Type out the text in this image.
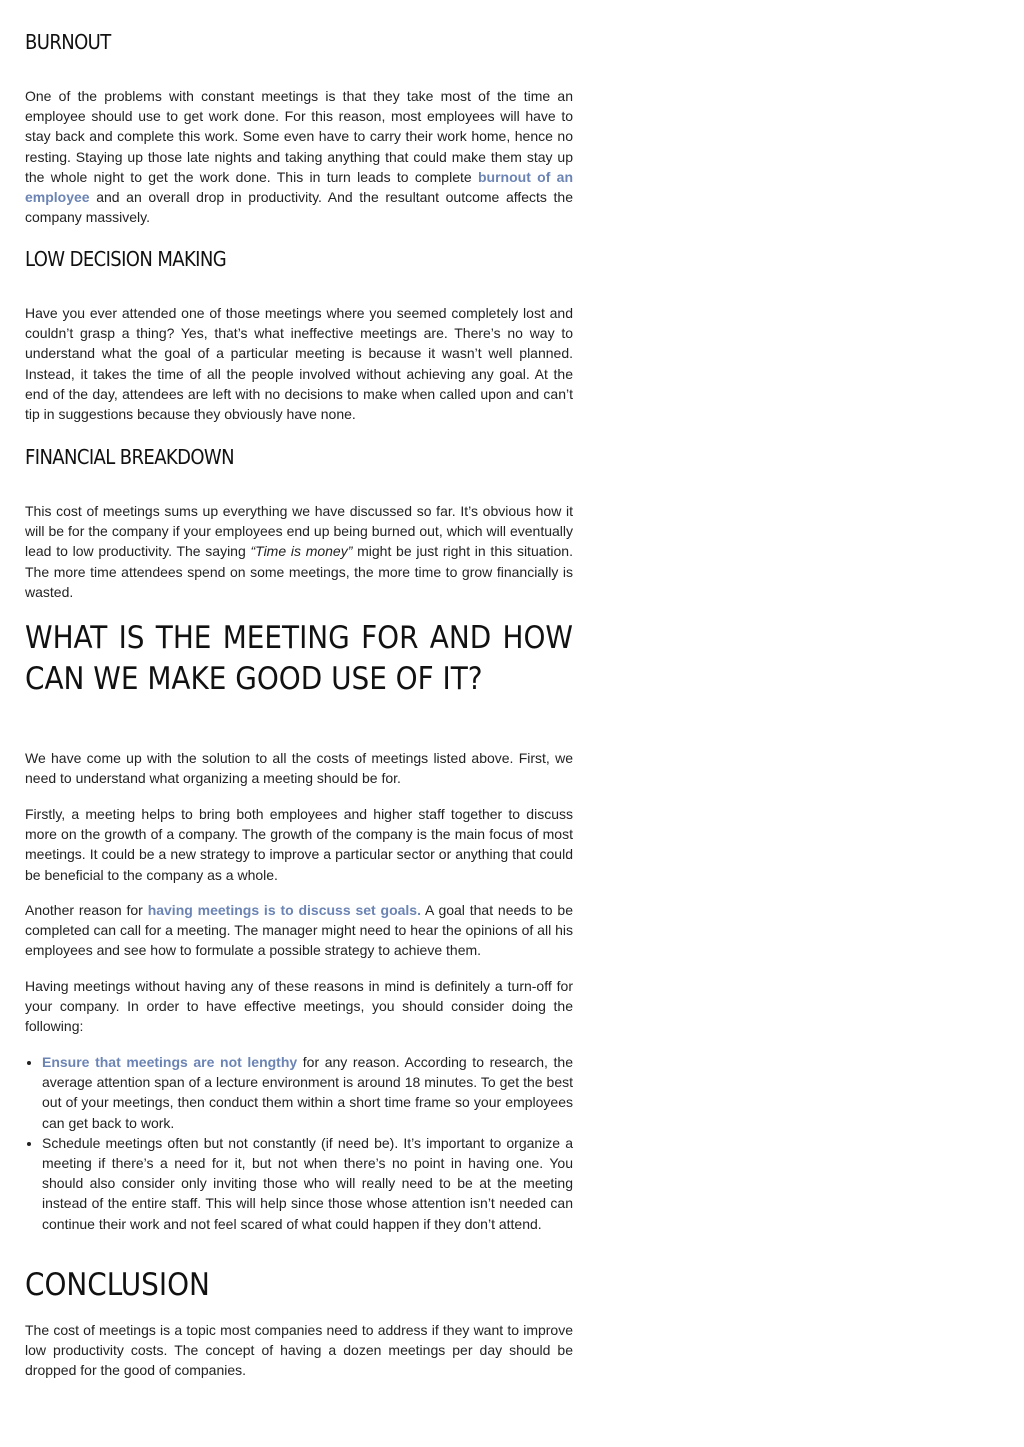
BURNOUT

One of the problems with constant meetings is that they take most of the time an employee should use to get work done. For this reason, most employees will have to stay back and complete this work. Some even have to carry their work home, hence no resting. Staying up those late nights and taking anything that could make them stay up the whole night to get the work done. This in turn leads to complete burnout of an employee and an overall drop in productivity. And the resultant outcome affects the company massively.

LOW DECISION MAKING

Have you ever attended one of those meetings where you seemed completely lost and couldn’t grasp a thing? Yes, that’s what ineffective meetings are. There’s no way to understand what the goal of a particular meeting is because it wasn’t well planned. Instead, it takes the time of all the people involved without achieving any goal. At the end of the day, attendees are left with no decisions to make when called upon and can’t tip in suggestions because they obviously have none.

FINANCIAL BREAKDOWN

This cost of meetings sums up everything we have discussed so far. It’s obvious how it will be for the company if your employees end up being burned out, which will eventually lead to low productivity. The saying “Time is money” might be just right in this situation. The more time attendees spend on some meetings, the more time to grow financially is wasted.

WHAT IS THE MEETING FOR AND HOW CAN WE MAKE GOOD USE OF IT?

We have come up with the solution to all the costs of meetings listed above. First, we need to understand what organizing a meeting should be for.

Firstly, a meeting helps to bring both employees and higher staff together to discuss more on the growth of a company. The growth of the company is the main focus of most meetings. It could be a new strategy to improve a particular sector or anything that could be beneficial to the company as a whole.

Another reason for having meetings is to discuss set goals. A goal that needs to be completed can call for a meeting. The manager might need to hear the opinions of all his employees and see how to formulate a possible strategy to achieve them.

Having meetings without having any of these reasons in mind is definitely a turn-off for your company. In order to have effective meetings, you should consider doing the following:

• Ensure that meetings are not lengthy for any reason. According to research, the average attention span of a lecture environment is around 18 minutes. To get the best out of your meetings, then conduct them within a short time frame so your employees can get back to work.
• Schedule meetings often but not constantly (if need be). It’s important to organize a meeting if there’s a need for it, but not when there’s no point in having one. You should also consider only inviting those who will really need to be at the meeting instead of the entire staff. This will help since those whose attention isn’t needed can continue their work and not feel scared of what could happen if they don’t attend.
CONCLUSION

The cost of meetings is a topic most companies need to address if they want to improve low productivity costs. The concept of having a dozen meetings per day should be dropped for the good of companies.
